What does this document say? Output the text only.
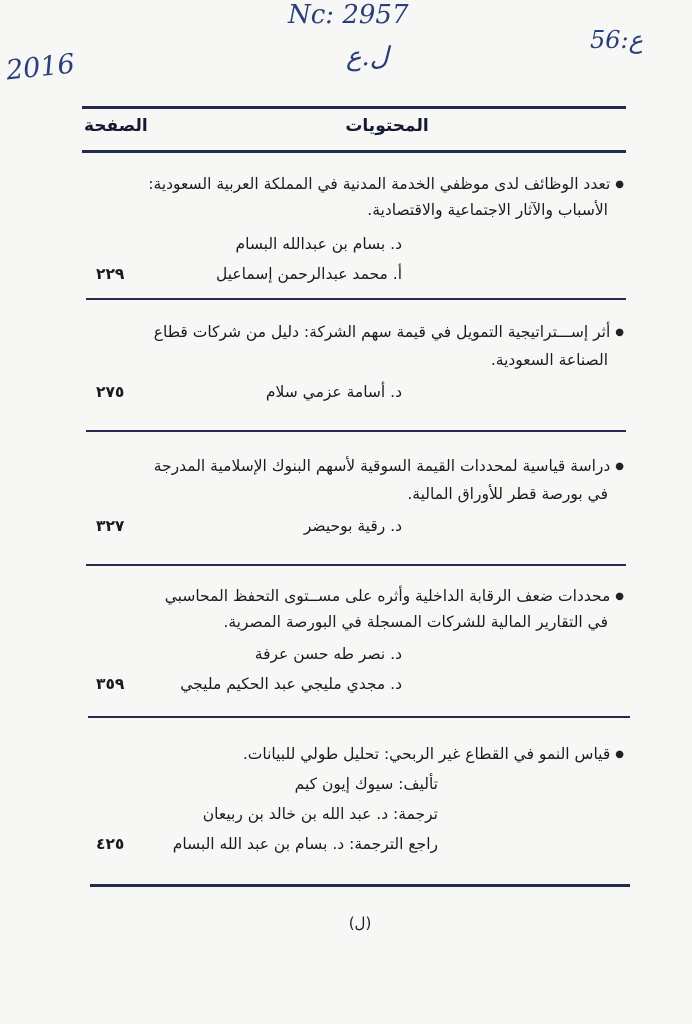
Nc: 2957
ل.ع
2016
56:ع
المحتويات
الصفحة
● تعدد الوظائف لدى موظفي الخدمة المدنية في المملكة العربية السعودية:
الأسباب والآثار الاجتماعية والاقتصادية.
د. بسام بن عبدالله البسام
أ. محمد عبدالرحمن إسماعيل
٢٢٩
● أثر إســـتراتيجية التمويل في قيمة سهم الشركة: دليل من شركات قطاع
الصناعة السعودية.
د. أسامة عزمي سلام
٢٧٥
● دراسة قياسية لمحددات القيمة السوقية لأسهم البنوك الإسلامية المدرجة
في بورصة قطر للأوراق المالية.
د. رقية بوحيضر
٣٢٧
● محددات ضعف الرقابة الداخلية وأثره على مســتوى التحفظ المحاسبي
في التقارير المالية للشركات المسجلة في البورصة المصرية.
د. نصر طه حسن عرفة
د. مجدي مليجي عبد الحكيم مليجي
٣٥٩
● قياس النمو في القطاع غير الربحي: تحليل طولي للبيانات.
تأليف: سيوك إيون كيم
ترجمة: د. عبد الله بن خالد بن ربيعان
راجع الترجمة: د. بسام بن عبد الله البسام
٤٢٥
(ل)
